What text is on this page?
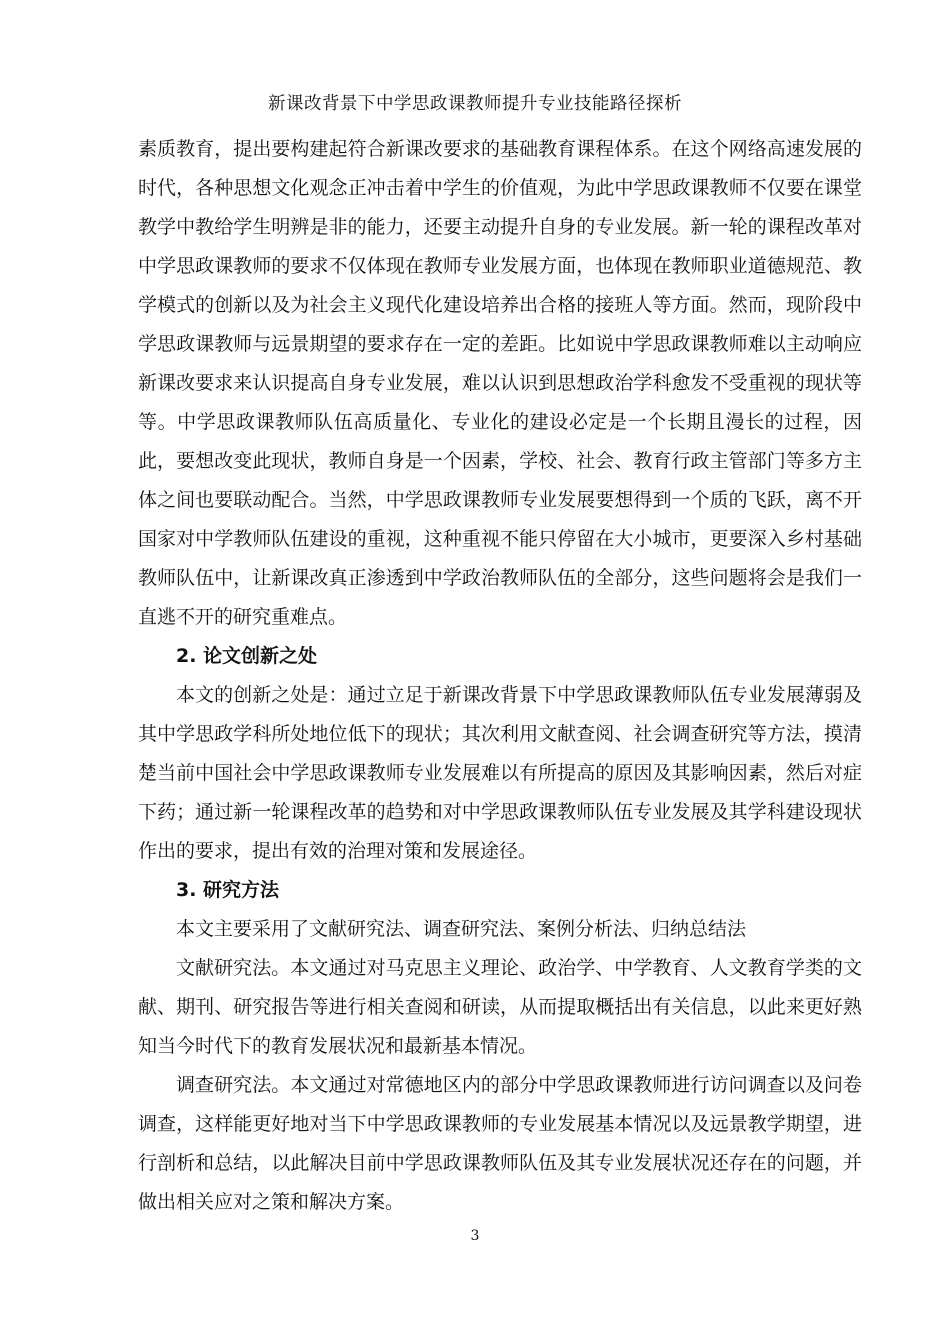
新课改背景下中学思政课教师提升专业技能路径探析

素质教育，提出要构建起符合新课改要求的基础教育课程体系。在这个网络高速发展的时代，各种思想文化观念正冲击着中学生的价值观，为此中学思政课教师不仅要在课堂教学中教给学生明辨是非的能力，还要主动提升自身的专业发展。新一轮的课程改革对中学思政课教师的要求不仅体现在教师专业发展方面，也体现在教师职业道德规范、教学模式的创新以及为社会主义现代化建设培养出合格的接班人等方面。然而，现阶段中学思政课教师与远景期望的要求存在一定的差距。比如说中学思政课教师难以主动响应新课改要求来认识提高自身专业发展，难以认识到思想政治学科愈发不受重视的现状等等。中学思政课教师队伍高质量化、专业化的建设必定是一个长期且漫长的过程，因此，要想改变此现状，教师自身是一个因素，学校、社会、教育行政主管部门等多方主体之间也要联动配合。当然，中学思政课教师专业发展要想得到一个质的飞跃，离不开国家对中学教师队伍建设的重视，这种重视不能只停留在大小城市，更要深入乡村基础教师队伍中，让新课改真正渗透到中学政治教师队伍的全部分，这些问题将会是我们一直逃不开的研究重难点。

2. 论文创新之处

本文的创新之处是：通过立足于新课改背景下中学思政课教师队伍专业发展薄弱及其中学思政学科所处地位低下的现状；其次利用文献查阅、社会调查研究等方法，摸清楚当前中国社会中学思政课教师专业发展难以有所提高的原因及其影响因素，然后对症下药；通过新一轮课程改革的趋势和对中学思政课教师队伍专业发展及其学科建设现状作出的要求，提出有效的治理对策和发展途径。

3. 研究方法

本文主要采用了文献研究法、调查研究法、案例分析法、归纳总结法

文献研究法。本文通过对马克思主义理论、政治学、中学教育、人文教育学类的文献、期刊、研究报告等进行相关查阅和研读，从而提取概括出有关信息，以此来更好熟知当今时代下的教育发展状况和最新基本情况。

调查研究法。本文通过对常德地区内的部分中学思政课教师进行访问调查以及问卷调查，这样能更好地对当下中学思政课教师的专业发展基本情况以及远景教学期望，进行剖析和总结，以此解决目前中学思政课教师队伍及其专业发展状况还存在的问题，并做出相关应对之策和解决方案。

3
